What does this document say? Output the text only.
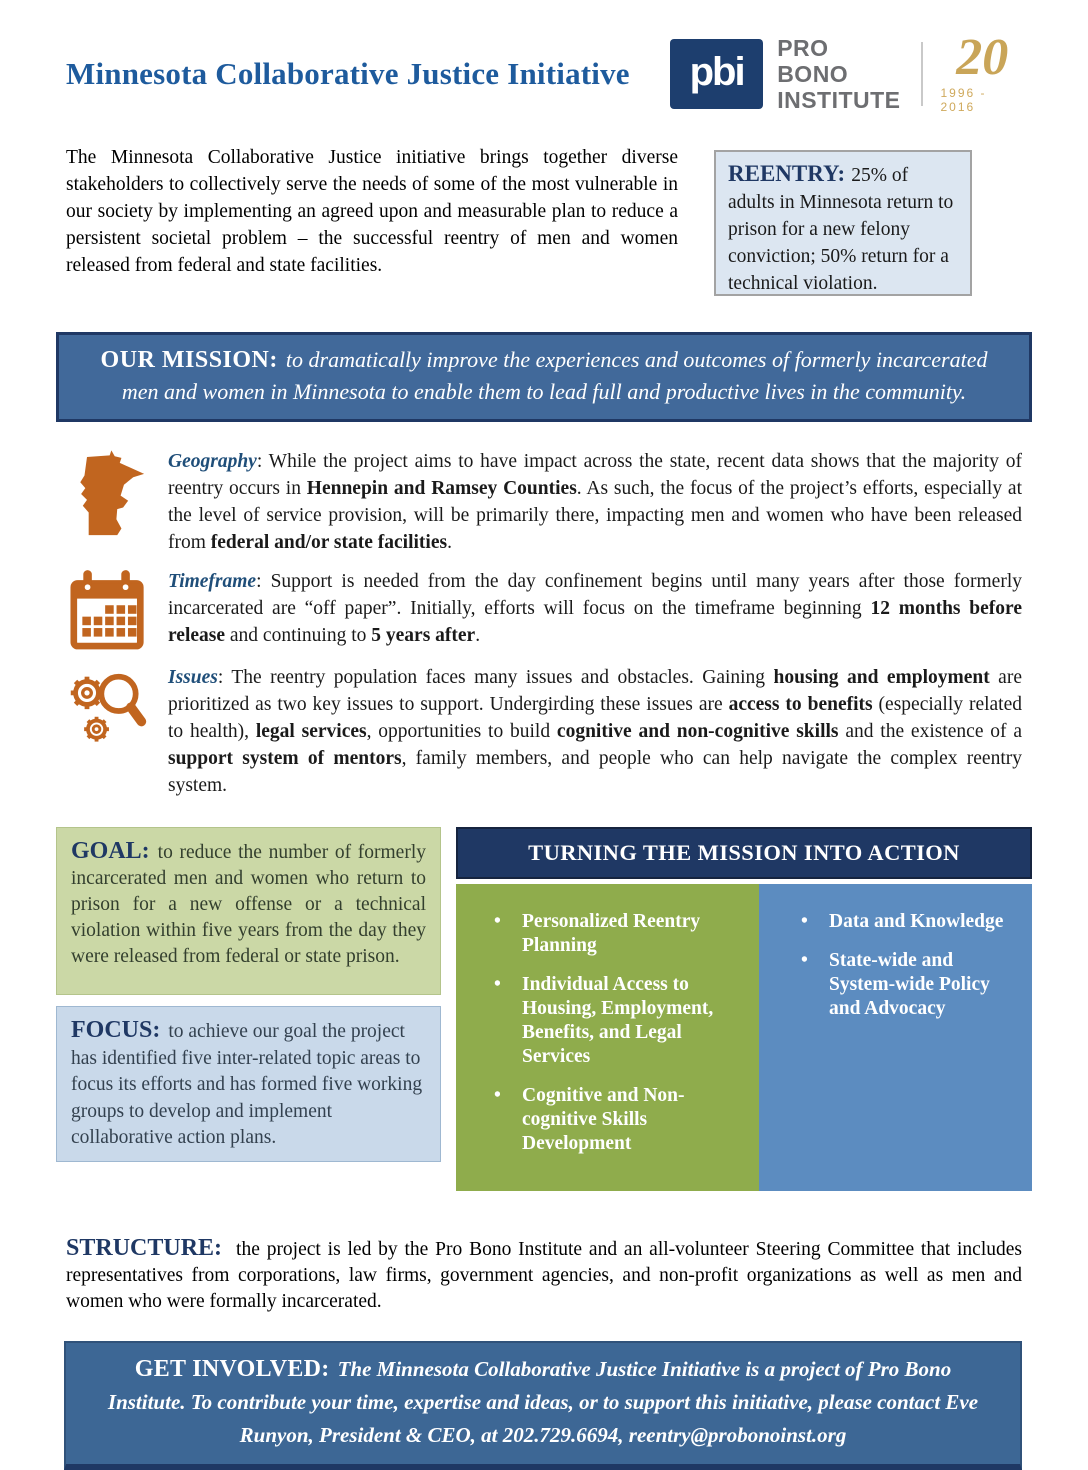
Minnesota Collaborative Justice Initiative	pbi
PRO BONO
INSTITUTE
20
1996 - 2016

The Minnesota Collaborative Justice initiative brings together diverse stakeholders to collectively serve the needs of some of the most vulnerable in our society by implementing an agreed upon and measurable plan to reduce a persistent societal problem – the successful reentry of men and women released from federal and state facilities.

REENTRY: 25% of adults in Minnesota return to prison for a new felony conviction; 50% return for a technical violation.
OUR MISSION: to dramatically improve the experiences and outcomes of formerly incarcerated men and women in Minnesota to enable them to lead full and productive lives in the community.

Geography: While the project aims to have impact across the state, recent data shows that the majority of reentry occurs in Hennepin and Ramsey Counties. As such, the focus of the project’s efforts, especially at the level of service provision, will be primarily there, impacting men and women who have been released from federal and/or state facilities.

Timeframe: Support is needed from the day confinement begins until many years after those formerly incarcerated are “off paper”. Initially, efforts will focus on the timeframe beginning 12 months before release and continuing to 5 years after.

Issues: The reentry population faces many issues and obstacles. Gaining housing and employment are prioritized as two key issues to support. Undergirding these issues are access to benefits (especially related to health), legal services, opportunities to build cognitive and non-cognitive skills and the existence of a support system of mentors, family members, and people who can help navigate the complex reentry system.

GOAL: to reduce the number of formerly incarcerated men and women who return to prison for a new offense or a technical violation within five years from the day they were released from federal or state prison.
FOCUS: to achieve our goal the project has identified five inter-related topic areas to focus its efforts and has formed five working groups to develop and implement collaborative action plans.
TURNING THE MISSION INTO ACTION
• Personalized Reentry Planning
• Individual Access to Housing, Employment, Benefits, and Legal Services
• Cognitive and Non-cognitive Skills Development
• Data and Knowledge
• State-wide and System-wide Policy and Advocacy

STRUCTURE: the project is led by the Pro Bono Institute and an all-volunteer Steering Committee that includes representatives from corporations, law firms, government agencies, and non-profit organizations as well as men and women who were formally incarcerated.

GET INVOLVED: The Minnesota Collaborative Justice Initiative is a project of Pro Bono Institute. To contribute your time, expertise and ideas, or to support this initiative, please contact Eve Runyon, President & CEO, at 202.729.6694, reentry@probonoinst.org
